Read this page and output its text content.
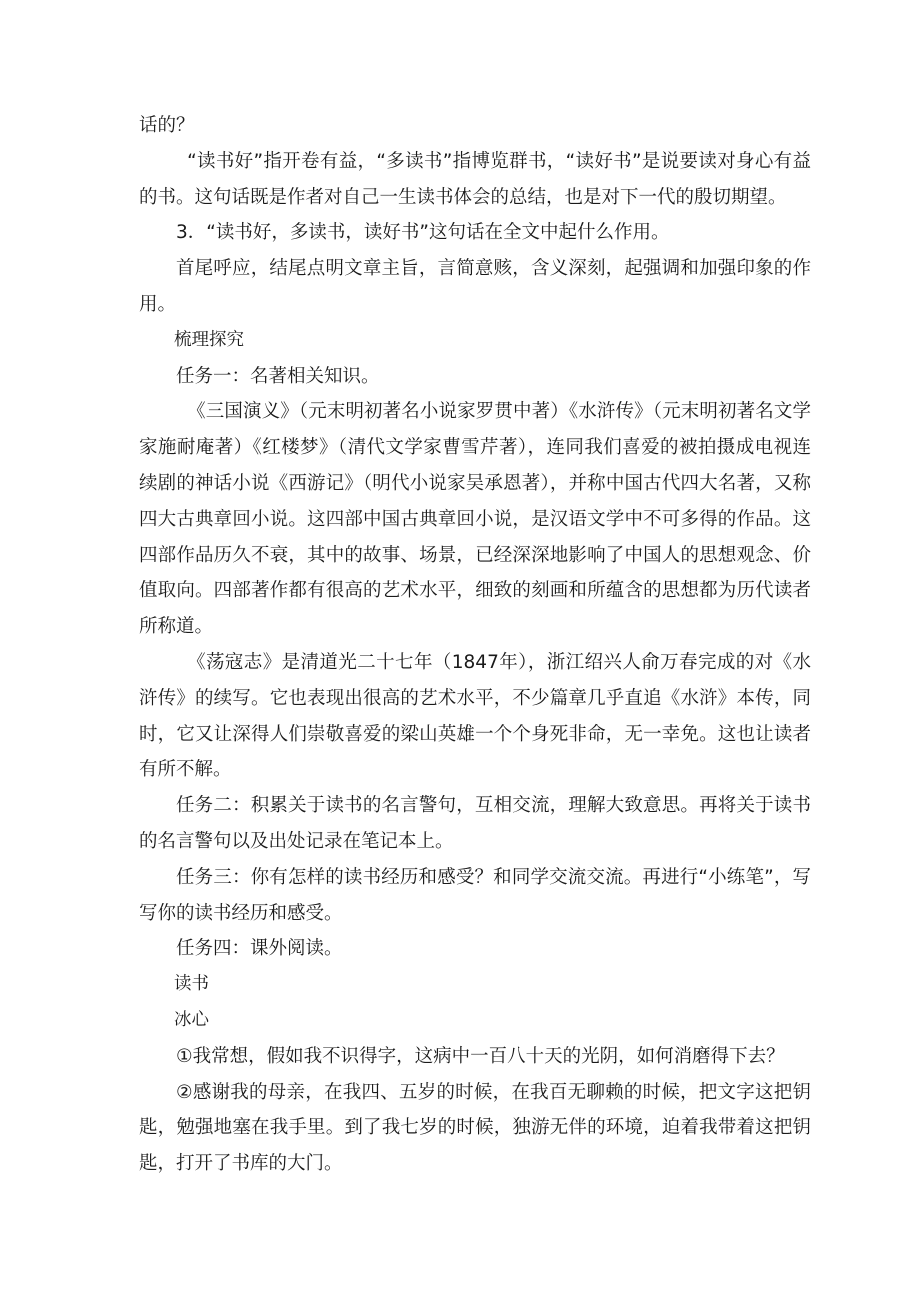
话的？

“读书好”指开卷有益，“多读书”指博览群书，“读好书”是说要读对身心有益的书。这句话既是作者对自己一生读书体会的总结，也是对下一代的殷切期望。

3．“读书好，多读书，读好书”这句话在全文中起什么作用。

首尾呼应，结尾点明文章主旨，言简意赅，含义深刻，起强调和加强印象的作用。

梳理探究

任务一：名著相关知识。

《三国演义》（元末明初著名小说家罗贯中著）《水浒传》（元末明初著名文学家施耐庵著）《红楼梦》（清代文学家曹雪芹著），连同我们喜爱的被拍摄成电视连续剧的神话小说《西游记》（明代小说家吴承恩著），并称中国古代四大名著，又称四大古典章回小说。这四部中国古典章回小说，是汉语文学中不可多得的作品。这四部作品历久不衰，其中的故事、场景，已经深深地影响了中国人的思想观念、价值取向。四部著作都有很高的艺术水平，细致的刻画和所蕴含的思想都为历代读者所称道。

《荡寇志》是清道光二十七年（1847年），浙江绍兴人俞万春完成的对《水浒传》的续写。它也表现出很高的艺术水平，不少篇章几乎直追《水浒》本传，同时，它又让深得人们崇敬喜爱的梁山英雄一个个身死非命，无一幸免。这也让读者有所不解。

任务二：积累关于读书的名言警句，互相交流，理解大致意思。再将关于读书的名言警句以及出处记录在笔记本上。

任务三：你有怎样的读书经历和感受？和同学交流交流。再进行“小练笔”，写写你的读书经历和感受。

任务四：课外阅读。

读书

冰心

①我常想，假如我不识得字，这病中一百八十天的光阴，如何消磨得下去？

②感谢我的母亲，在我四、五岁的时候，在我百无聊赖的时候，把文字这把钥匙，勉强地塞在我手里。到了我七岁的时候，独游无伴的环境，迫着我带着这把钥匙，打开了书库的大门。
